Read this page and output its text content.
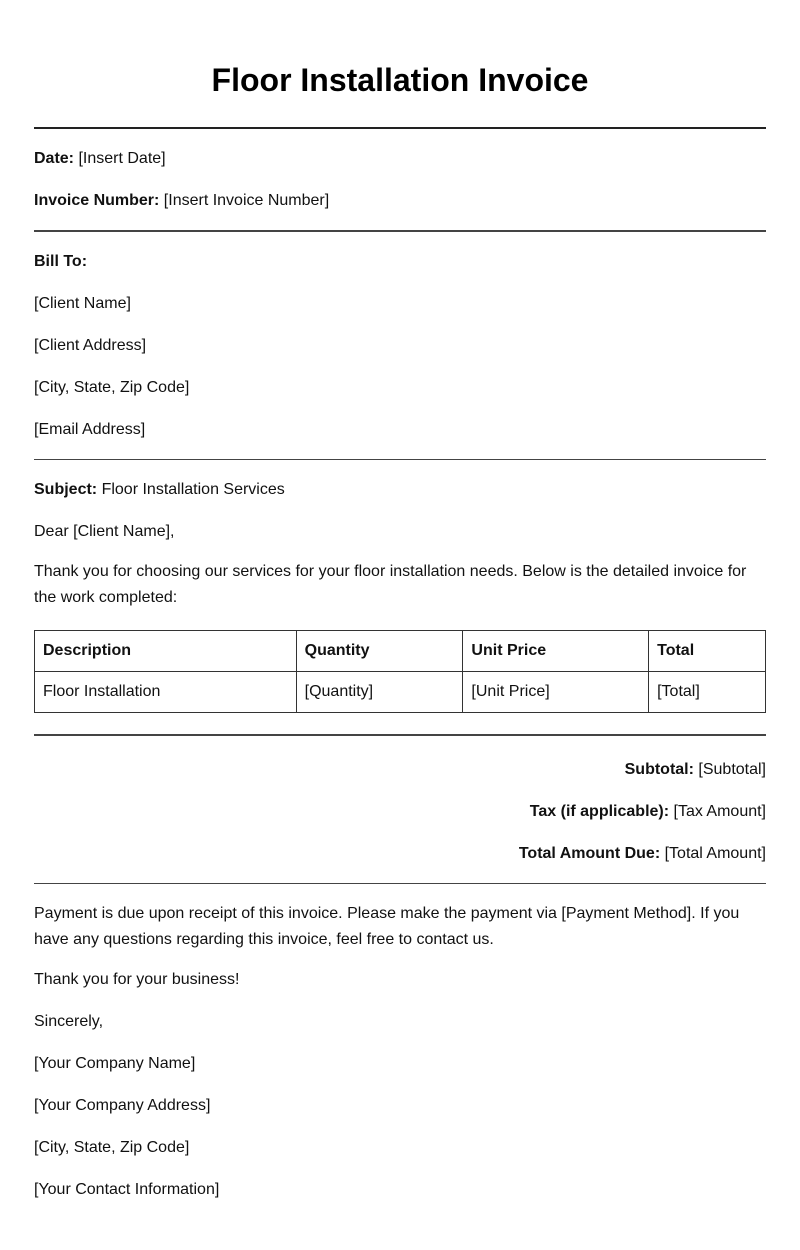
Floor Installation Invoice

Date: [Insert Date]

Invoice Number: [Insert Invoice Number]

Bill To:

[Client Name]

[Client Address]

[City, State, Zip Code]

[Email Address]

Subject: Floor Installation Services

Dear [Client Name],

Thank you for choosing our services for your floor installation needs. Below is the detailed invoice for the work completed:

Description	Quantity	Unit Price	Total
Floor Installation	[Quantity]	[Unit Price]	[Total]

Subtotal: [Subtotal]

Tax (if applicable): [Tax Amount]

Total Amount Due: [Total Amount]

Payment is due upon receipt of this invoice. Please make the payment via [Payment Method]. If you have any questions regarding this invoice, feel free to contact us.

Thank you for your business!

Sincerely,

[Your Company Name]

[Your Company Address]

[City, State, Zip Code]

[Your Contact Information]
